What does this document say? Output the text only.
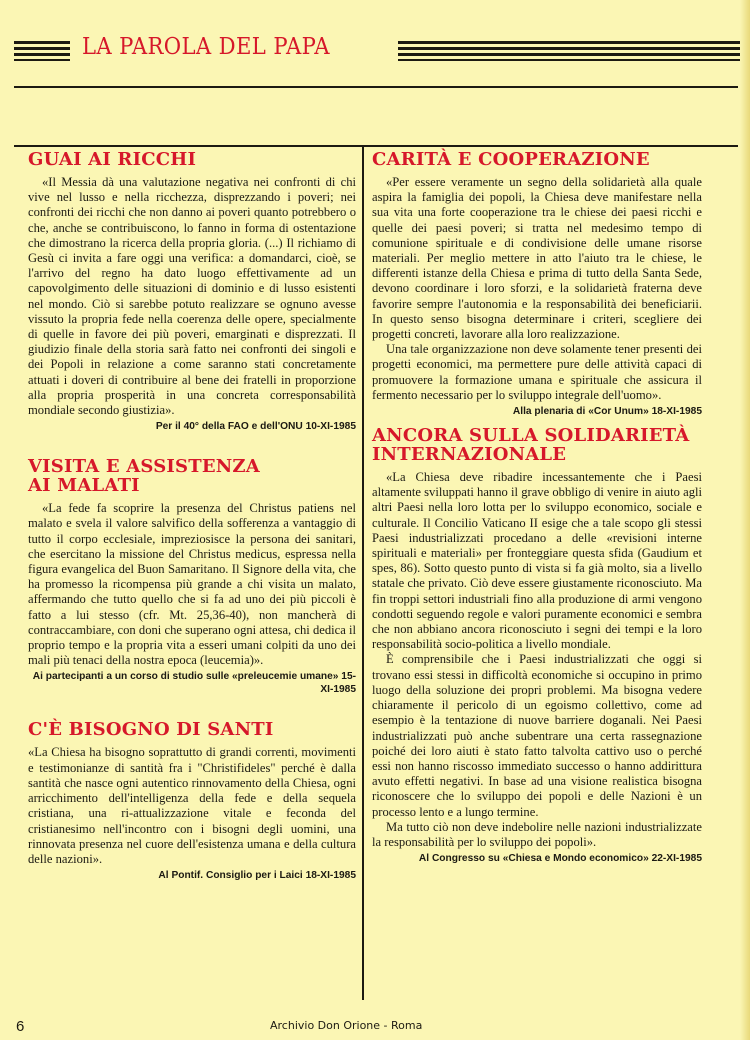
LA PAROLA DEL PAPA
GUAI AI RICCHI

«Il Messia dà una valutazione negativa nei confronti di chi vive nel lusso e nella ricchezza, disprezzando i poveri; nei confronti dei ricchi che non danno ai poveri quanto potrebbero o che, anche se contribuiscono, lo fanno in forma di ostentazione che dimostrano la ricerca della propria gloria. (...) Il richiamo di Gesù ci invita a fare oggi una verifica: a domandarci, cioè, se l'arrivo del regno ha dato luogo effettivamente ad un capovolgimento delle situazioni di dominio e di lusso esistenti nel mondo. Ciò si sarebbe potuto realizzare se ognuno avesse vissuto la propria fede nella coerenza delle opere, specialmente di quelle in favore dei più poveri, emarginati e disprezzati. Il giudizio finale della storia sarà fatto nei confronti dei singoli e dei Popoli in relazione a come saranno stati concretamente attuati i doveri di contribuire al bene dei fratelli in proporzione alla propria prosperità in una concreta corresponsabilità mondiale secondo giustizia».

Per il 40° della FAO e dell'ONU 10-XI-1985
VISITA E ASSISTENZA AI MALATI

«La fede fa scoprire la presenza del Christus patiens nel malato e svela il valore salvifico della sofferenza a vantaggio di tutto il corpo ecclesiale, impreziosisce la persona dei sanitari, che esercitano la missione del Christus medicus, espressa nella figura evangelica del Buon Samaritano. Il Signore della vita, che ha promesso la ricompensa più grande a chi visita un malato, affermando che tutto quello che si fa ad uno dei più piccoli è fatto a lui stesso (cfr. Mt. 25,36-40), non mancherà di contraccambiare, con doni che superano ogni attesa, chi dedica il proprio tempo e la propria vita a esseri umani colpiti da uno dei mali più tenaci della nostra epoca (leucemia)».

Ai partecipanti a un corso di studio sulle «preleucemie umane» 15-XI-1985
C'È BISOGNO DI SANTI

«La Chiesa ha bisogno soprattutto di grandi correnti, movimenti e testimonianze di santità fra i "Christifideles" perché è dalla santità che nasce ogni autentico rinnovamento della Chiesa, ogni arricchimento dell'intelligenza della fede e della sequela cristiana, una ri-attualizzazione vitale e feconda del cristianesimo nell'incontro con i bisogni degli uomini, una rinnovata presenza nel cuore dell'esistenza umana e della cultura delle nazioni».

Al Pontif. Consiglio per i Laici 18-XI-1985
CARITÀ E COOPERAZIONE

«Per essere veramente un segno della solidarietà alla quale aspira la famiglia dei popoli, la Chiesa deve manifestare nella sua vita una forte cooperazione tra le chiese dei paesi ricchi e quelle dei paesi poveri; si tratta nel medesimo tempo di comunione spirituale e di condivisione delle umane risorse materiali. Per meglio mettere in atto l'aiuto tra le chiese, le differenti istanze della Chiesa e prima di tutto della Santa Sede, devono coordinare i loro sforzi, e la solidarietà fraterna deve favorire sempre l'autonomia e la responsabilità dei beneficiarii. In questo senso bisogna determinare i criteri, scegliere dei progetti concreti, lavorare alla loro realizzazione.

Una tale organizzazione non deve solamente tener presenti dei progetti economici, ma permettere pure delle attività capaci di promuovere la formazione umana e spirituale che assicura il fermento necessario per lo sviluppo integrale dell'uomo».

Alla plenaria di «Cor Unum» 18-XI-1985
ANCORA SULLA SOLIDARIETÀ INTERNAZIONALE

«La Chiesa deve ribadire incessantemente che i Paesi altamente sviluppati hanno il grave obbligo di venire in aiuto agli altri Paesi nella loro lotta per lo sviluppo economico, sociale e culturale. Il Concilio Vaticano II esige che a tale scopo gli stessi Paesi industrializzati procedano a delle «revisioni interne spirituali e materiali» per fronteggiare questa sfida (Gaudium et spes, 86). Sotto questo punto di vista si fa già molto, sia a livello statale che privato. Ciò deve essere giustamente riconosciuto. Ma fin troppi settori industriali fino alla produzione di armi vengono condotti seguendo regole e valori puramente economici e sembra che non abbiano ancora riconosciuto i segni dei tempi e la loro responsabilità socio-politica a livello mondiale.

È comprensibile che i Paesi industrializzati che oggi si trovano essi stessi in difficoltà economiche si occupino in primo luogo della soluzione dei propri problemi. Ma bisogna vedere chiaramente il pericolo di un egoismo collettivo, come ad esempio è la tentazione di nuove barriere doganali. Nei Paesi industrializzati può anche subentrare una certa rassegnazione poiché dei loro aiuti è stato fatto talvolta cattivo uso o perché essi non hanno riscosso immediato successo o hanno addirittura avuto effetti negativi. In base ad una visione realistica bisogna riconoscere che lo sviluppo dei popoli e delle Nazioni è un processo lento e a lungo termine.

Ma tutto ciò non deve indebolire nelle nazioni industrializzate la responsabilità per lo sviluppo dei popoli».

Al Congresso su «Chiesa e Mondo economico» 22-XI-1985
6	Archivio Don Orione - Roma
